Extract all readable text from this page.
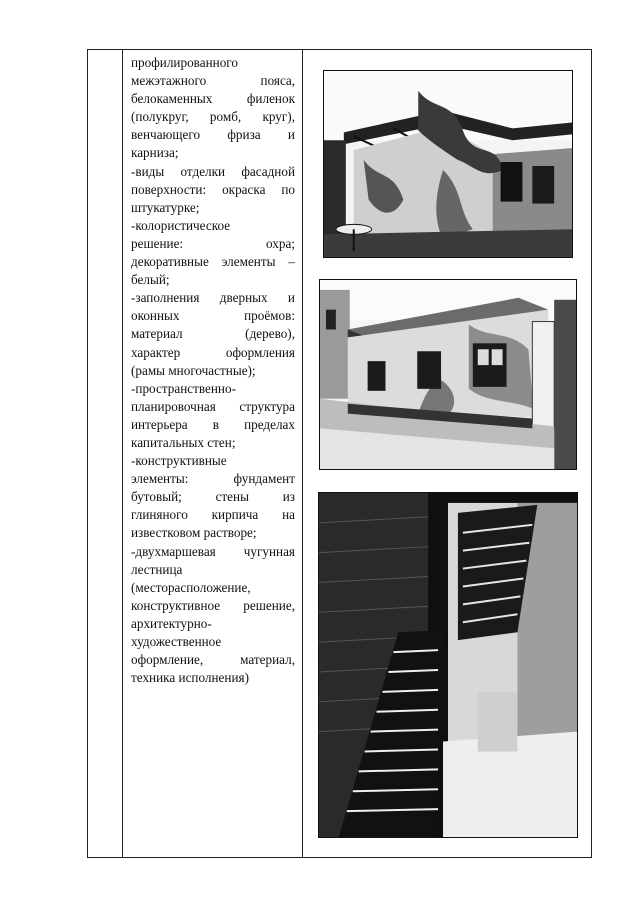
профилированного
межэтажного поясa,
белокаменных филенок
(полукруг, ромб, круг),
венчающего фриза и
карниза;
-виды отделки фасадной
поверхности: окраска по
штукатурке;
-колористическое
решение: охра;
декоративные элементы –
белый;
-заполнения дверных и
оконных проёмов:
материал (дерево),
характер оформления
(рамы многочастные);
-пространственно-
планировочная структура
интерьера в пределах
капитальных стен;
-конструктивные
элементы: фундамент
бутовый; стены из
глиняного кирпича на
известковом растворе;
-двухмаршевая чугунная
лестница
(месторасположение,
конструктивное решение,
архитектурно-
художественное
оформление, материал,
техника исполнения)
